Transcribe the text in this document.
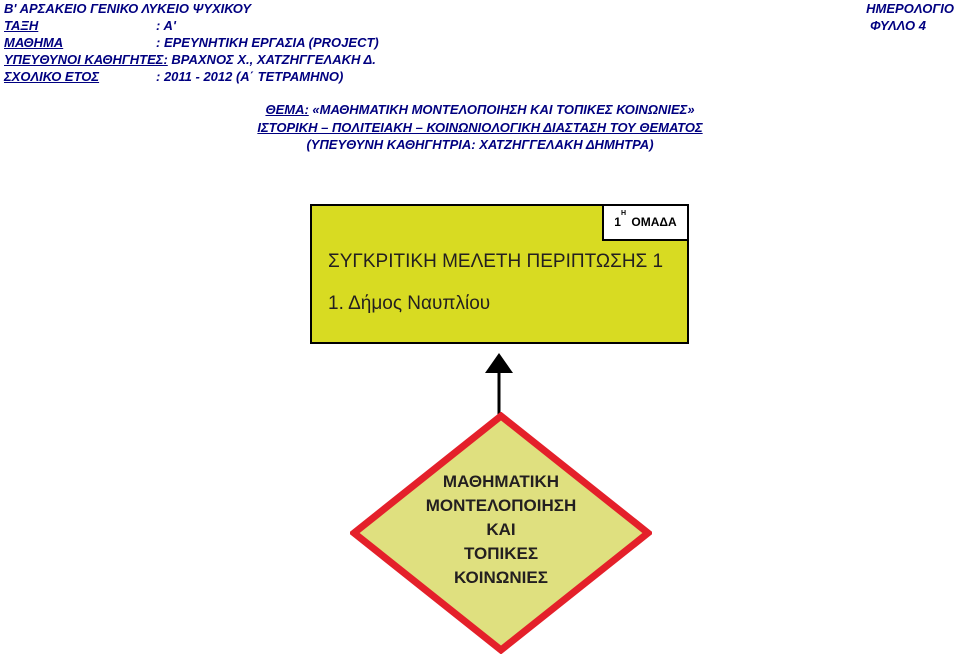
Β' ΑΡΣΑΚΕΙΟ ΓΕΝΙΚΟ ΛΥΚΕΙΟ ΨΥΧΙΚΟΥ
ΤΑΞΗ	: Α'
ΜΑΘΗΜΑ	: ΕΡΕΥΝΗΤΙΚΗ ΕΡΓΑΣΙΑ (PROJECT)
ΥΠΕΥΘΥΝΟΙ ΚΑΘΗΓΗΤΕΣ: ΒΡΑΧΝΟΣ Χ., ΧΑΤΖΗΓΓΕΛΑΚΗ Δ.
ΣΧΟΛΙΚΟ ΕΤΟΣ	: 2011 - 2012 (Α΄ ΤΕΤΡΑΜΗΝΟ)
ΗΜΕΡΟΛΟΓΙΟ
ΦΥΛΛΟ 4
ΘΕΜΑ: «ΜΑΘΗΜΑΤΙΚΗ ΜΟΝΤΕΛΟΠΟΙΗΣΗ ΚΑΙ ΤΟΠΙΚΕΣ ΚΟΙΝΩΝΙΕΣ»
ΙΣΤΟΡΙΚΗ – ΠΟΛΙΤΕΙΑΚΗ – ΚΟΙΝΩΝΙΟΛΟΓΙΚΗ ΔΙΑΣΤΑΣΗ ΤΟΥ ΘΕΜΑΤΟΣ
(ΥΠΕΥΘΥΝΗ ΚΑΘΗΓΗΤΡΙΑ: ΧΑΤΖΗΓΓΕΛΑΚΗ ΔΗΜΗΤΡΑ)
$1^H$ ΟΜΑΔΑ
ΣΥΓΚΡΙΤΙΚΗ ΜΕΛΕΤΗ ΠΕΡΙΠΤΩΣΗΣ 1
1. Δήμος Ναυπλίου
ΜΑΘΗΜΑΤΙΚΗ
ΜΟΝΤΕΛΟΠΟΙΗΣΗ
ΚΑΙ
ΤΟΠΙΚΕΣ
ΚΟΙΝΩΝΙΕΣ
